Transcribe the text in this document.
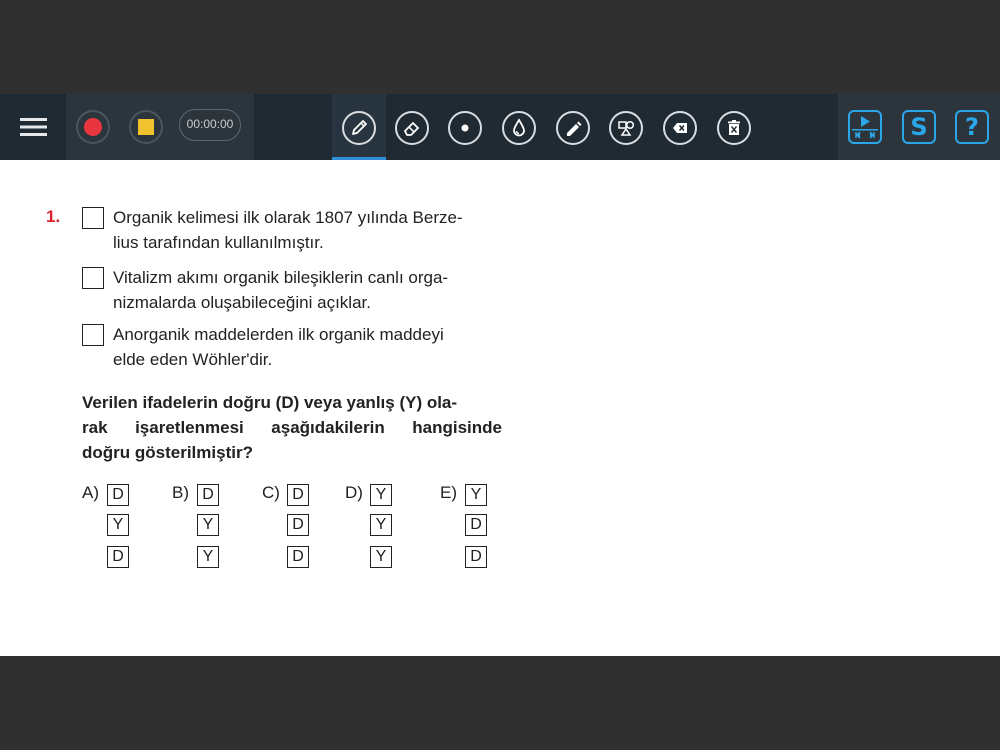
00:00:00	S	?
1.	Organik kelimesi ilk olarak 1807 yılında Berze-
lius tarafından kullanılmıştır.
Vitalizm akımı organik bileşiklerin canlı orga-
nizmalarda oluşabileceğini açıklar.
Anorganik maddelerden ilk organik maddeyi
elde eden Wöhler'dir.
Verilen ifadelerin doğru (D) veya yanlış (Y) ola-
rak işaretlenmesi aşağıdakilerin hangisinde
doğru gösterilmiştir?
A) D
Y
D
B) D
Y
Y
C) D
D
D
D) Y
Y
Y
E) Y
D
D
